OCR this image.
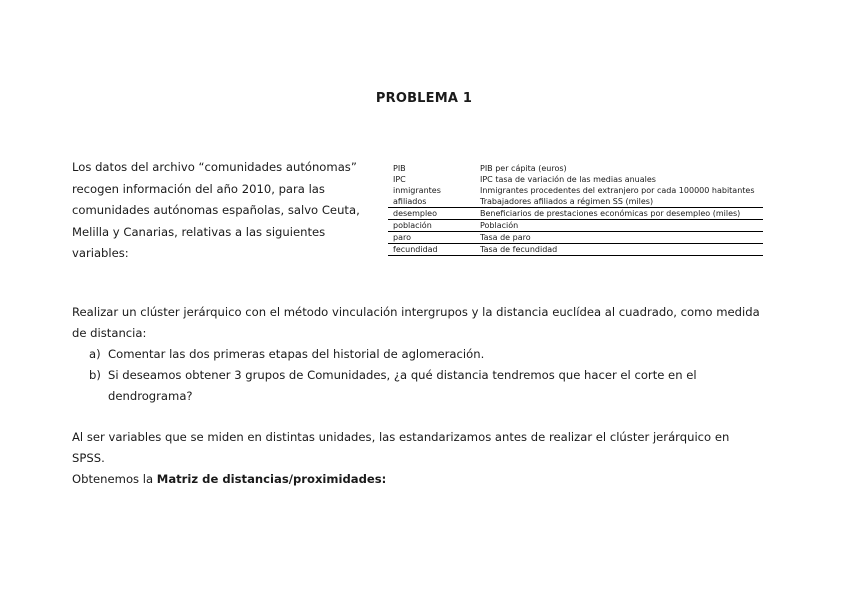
PROBLEMA 1
Los datos del archivo “comunidades autónomas” recogen información del año 2010, para las comunidades autónomas españolas, salvo Ceuta, Melilla y Canarias, relativas a las siguientes variables:
PIB	PIB per cápita (euros)
IPC	IPC tasa de variación de las medias anuales
inmigrantes	Inmigrantes procedentes del extranjero por cada 100000 habitantes
afiliados	Trabajadores afiliados a régimen SS (miles)
desempleo	Beneficiarios de prestaciones económicas por desempleo (miles)
población	Población
paro	Tasa de paro
fecundidad	Tasa de fecundidad

Realizar un clúster jerárquico con el método vinculación intergrupos y la distancia euclídea al cuadrado, como medida de distancia:

a) Comentar las dos primeras etapas del historial de aglomeración.
b) Si deseamos obtener 3 grupos de Comunidades, ¿a qué distancia tendremos que hacer el corte en el dendrograma?

Al ser variables que se miden en distintas unidades, las estandarizamos antes de realizar el clúster jerárquico en SPSS.

Obtenemos la Matriz de distancias/proximidades:
